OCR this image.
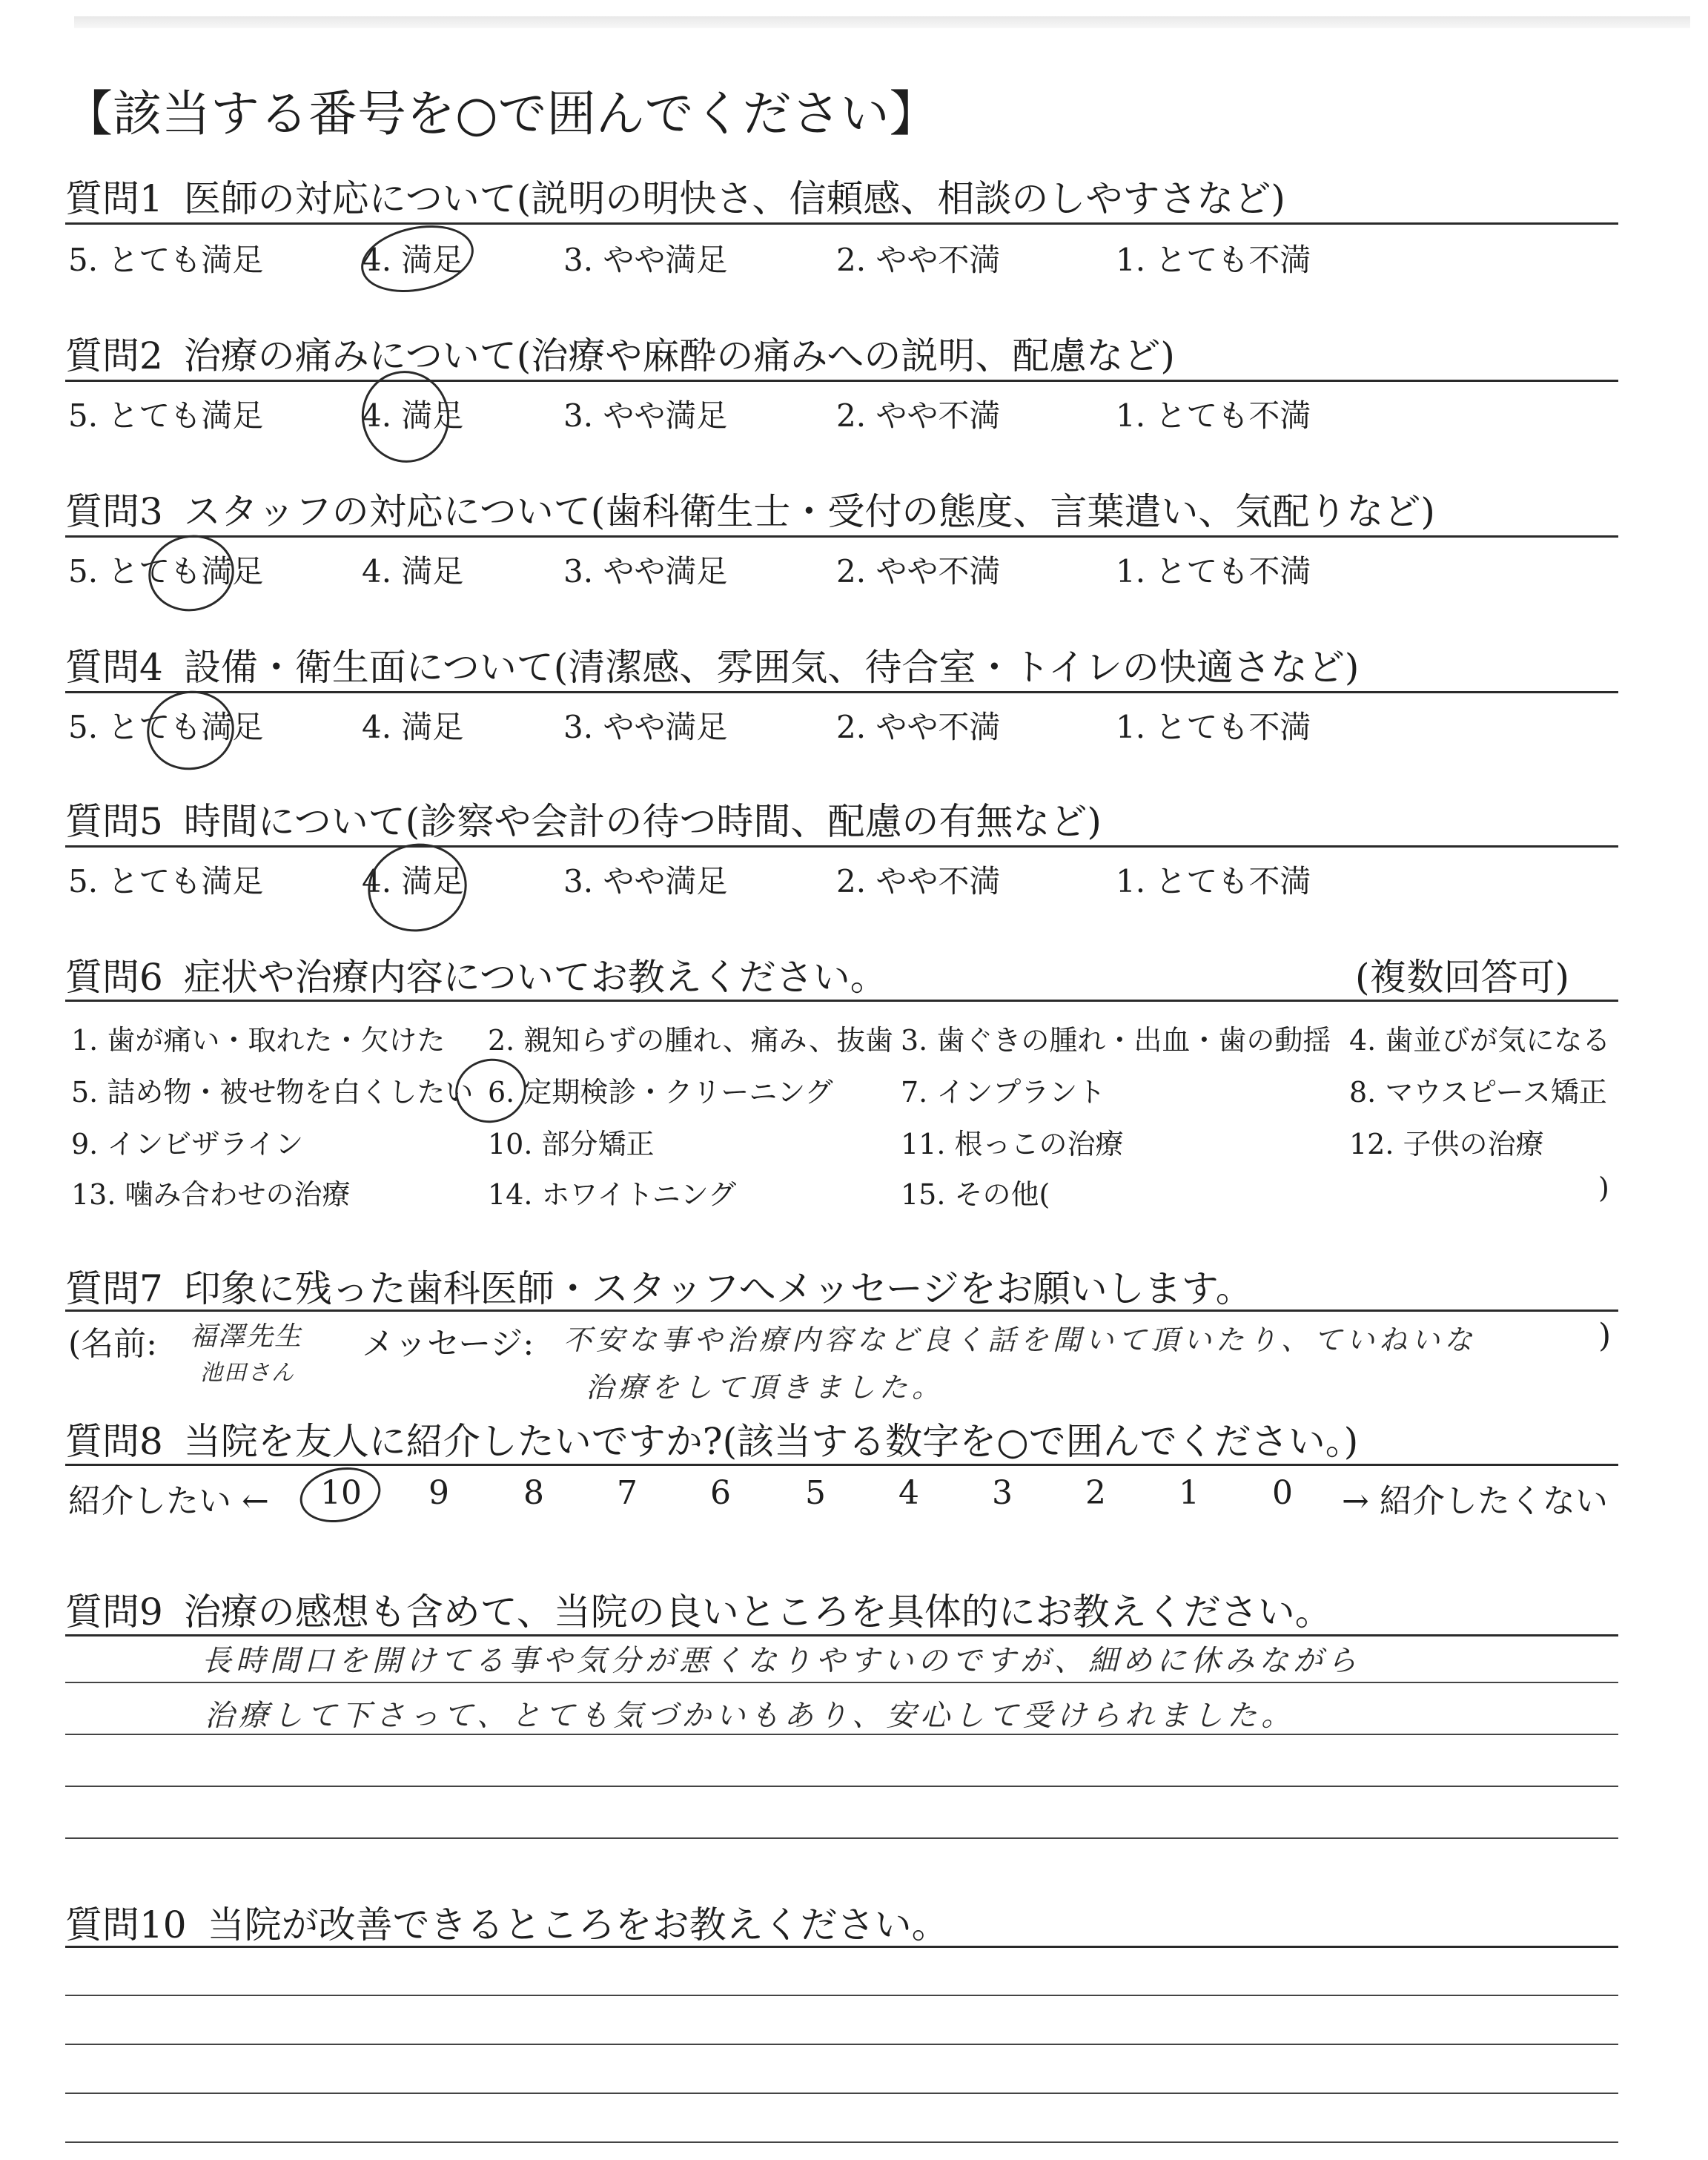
【該当する番号を○で囲んでください】
質問1 医師の対応について(説明の明快さ、信頼感、相談のしやすさなど)
5. とても満足	4. 満足	3. やや満足	2. やや不満	1. とても不満
質問2 治療の痛みについて(治療や麻酔の痛みへの説明、配慮など)
5. とても満足	4. 満足	3. やや満足	2. やや不満	1. とても不満
質問3 スタッフの対応について(歯科衛生士・受付の態度、言葉遣い、気配りなど)
5. とても満足	4. 満足	3. やや満足	2. やや不満	1. とても不満
質問4 設備・衛生面について(清潔感、雰囲気、待合室・トイレの快適さなど)
5. とても満足	4. 満足	3. やや満足	2. やや不満	1. とても不満
質問5 時間について(診察や会計の待つ時間、配慮の有無など)
5. とても満足	4. 満足	3. やや満足	2. やや不満	1. とても不満
質問6 症状や治療内容についてお教えください。	(複数回答可)
1. 歯が痛い・取れた・欠けた 2. 親知らずの腫れ、痛み、抜歯 3. 歯ぐきの腫れ・出血・歯の動揺 4. 歯並びが気になる
5. 詰め物・被せ物を白くしたい 6. 定期検診・クリーニング 7. インプラント	8. マウスピース矯正
9. インビザライン	10. 部分矯正	11. 根っこの治療	12. 子供の治療
13. 噛み合わせの治療	14. ホワイトニング	15. その他(	)
質問7 印象に残った歯科医師・スタッフへメッセージをお願いします。
(名前: 福澤先生
池田さん
メッセージ: 不安な事や治療内容など良く話を聞いて頂いたり、ていねいな	)
治療をして頂きました。
質問8 当院を友人に紹介したいですか?(該当する数字を○で囲んでください。)
紹介したい ←	→ 紹介したくない
10 9 8 7 6 5 4 3 2 1 0
質問9 治療の感想も含めて、当院の良いところを具体的にお教えください。
長時間口を開けてる事や気分が悪くなりやすいのですが、細めに休みながら
治療して下さって、とても気づかいもあり、安心して受けられました。
質問10 当院が改善できるところをお教えください。
